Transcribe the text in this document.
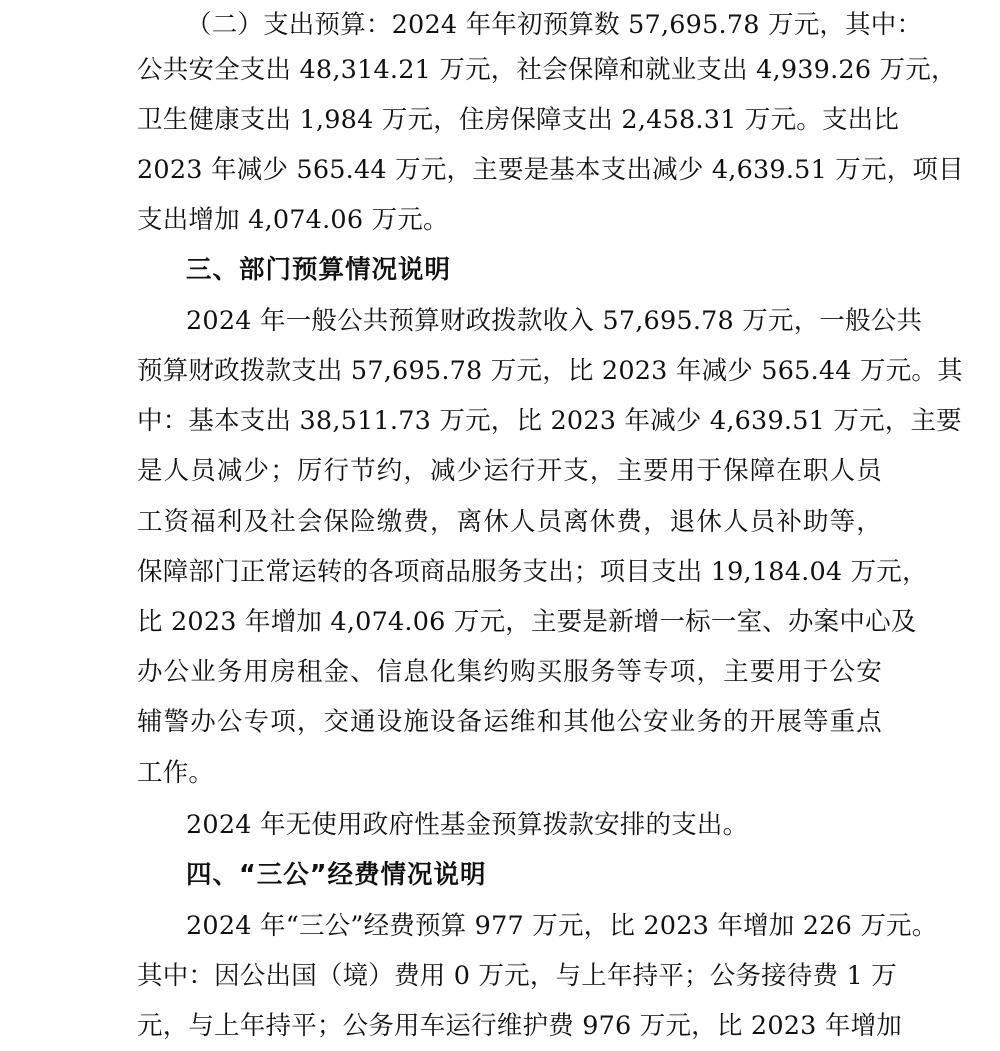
（二）支出预算：2024 年年初预算数 57,695.78 万元，其中：
公共安全支出 48,314.21 万元，社会保障和就业支出 4,939.26 万元，
卫生健康支出 1,984 万元，住房保障支出 2,458.31 万元。支出比
2023 年减少 565.44 万元，主要是基本支出减少 4,639.51 万元，项目
支出增加 4,074.06 万元。
三、部门预算情况说明
2024 年一般公共预算财政拨款收入 57,695.78 万元，一般公共
预算财政拨款支出 57,695.78 万元，比 2023 年减少 565.44 万元。其
中：基本支出 38,511.73 万元，比 2023 年减少 4,639.51 万元，主要
是人员减少；厉行节约，减少运行开支，主要用于保障在职人员
工资福利及社会保险缴费，离休人员离休费，退休人员补助等，
保障部门正常运转的各项商品服务支出；项目支出 19,184.04 万元，
比 2023 年增加 4,074.06 万元，主要是新增一标一室、办案中心及
办公业务用房租金、信息化集约购买服务等专项，主要用于公安
辅警办公专项，交通设施设备运维和其他公安业务的开展等重点
工作。
2024 年无使用政府性基金预算拨款安排的支出。
四、“三公”经费情况说明
2024 年“三公”经费预算 977 万元，比 2023 年增加 226 万元。
其中：因公出国（境）费用 0 万元，与上年持平；公务接待费 1 万
元，与上年持平；公务用车运行维护费 976 万元，比 2023 年增加
